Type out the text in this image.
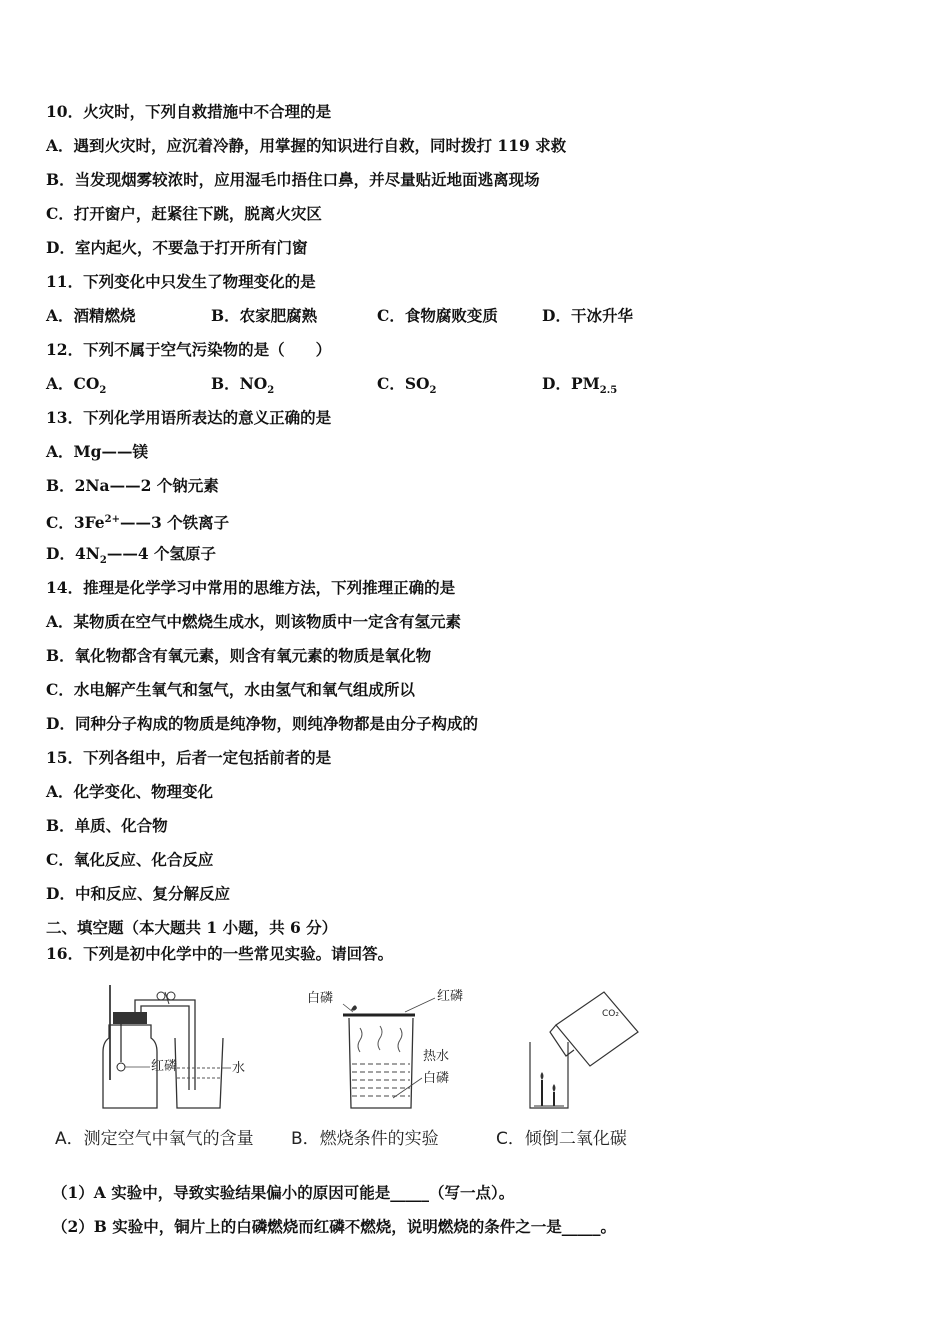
10．火灾时，下列自救措施中不合理的是
A．遇到火灾时，应沉着冷静，用掌握的知识进行自救，同时拨打 119 求救
B．当发现烟雾较浓时，应用湿毛巾捂住口鼻，并尽量贴近地面逃离现场
C．打开窗户，赶紧往下跳，脱离火灾区
D．室内起火，不要急于打开所有门窗
11．下列变化中只发生了物理变化的是
A．酒精燃烧	B．农家肥腐熟	C．食物腐败变质	D．干冰升华
12．下列不属于空气污染物的是（　　）
A．$CO_2$	B．$NO_2$	C．$SO_2$	D．$PM_{2.5}$
13．下列化学用语所表达的意义正确的是
A．Mg——镁
B．2Na——2 个钠元素
C．$3Fe^{2+}——3$ 个铁离子
D．$4N_2——4$ 个氢原子
14．推理是化学学习中常用的思维方法，下列推理正确的是
A．某物质在空气中燃烧生成水，则该物质中一定含有氢元素
B．氧化物都含有氧元素，则含有氧元素的物质是氧化物
C．水电解产生氧气和氢气，水由氢气和氧气组成所以
D．同种分子构成的物质是纯净物，则纯净物都是由分子构成的
15．下列各组中，后者一定包括前者的是
A．化学变化、物理变化
B．单质、化合物
C．氧化反应、化合反应
D．中和反应、复分解反应
二、填空题（本大题共 1 小题，共 6 分）
16．下列是初中化学中的一些常见实验。请回答。
红磷	水
白磷	红磷
热水
白磷
CO₂
A．测定空气中氧气的含量 B．燃烧条件的实验	C．倾倒二氧化碳
（1）A 实验中，导致实验结果偏小的原因可能是_____（写一点）。
（2）B 实验中，铜片上的白磷燃烧而红磷不燃烧，说明燃烧的条件之一是_____。
